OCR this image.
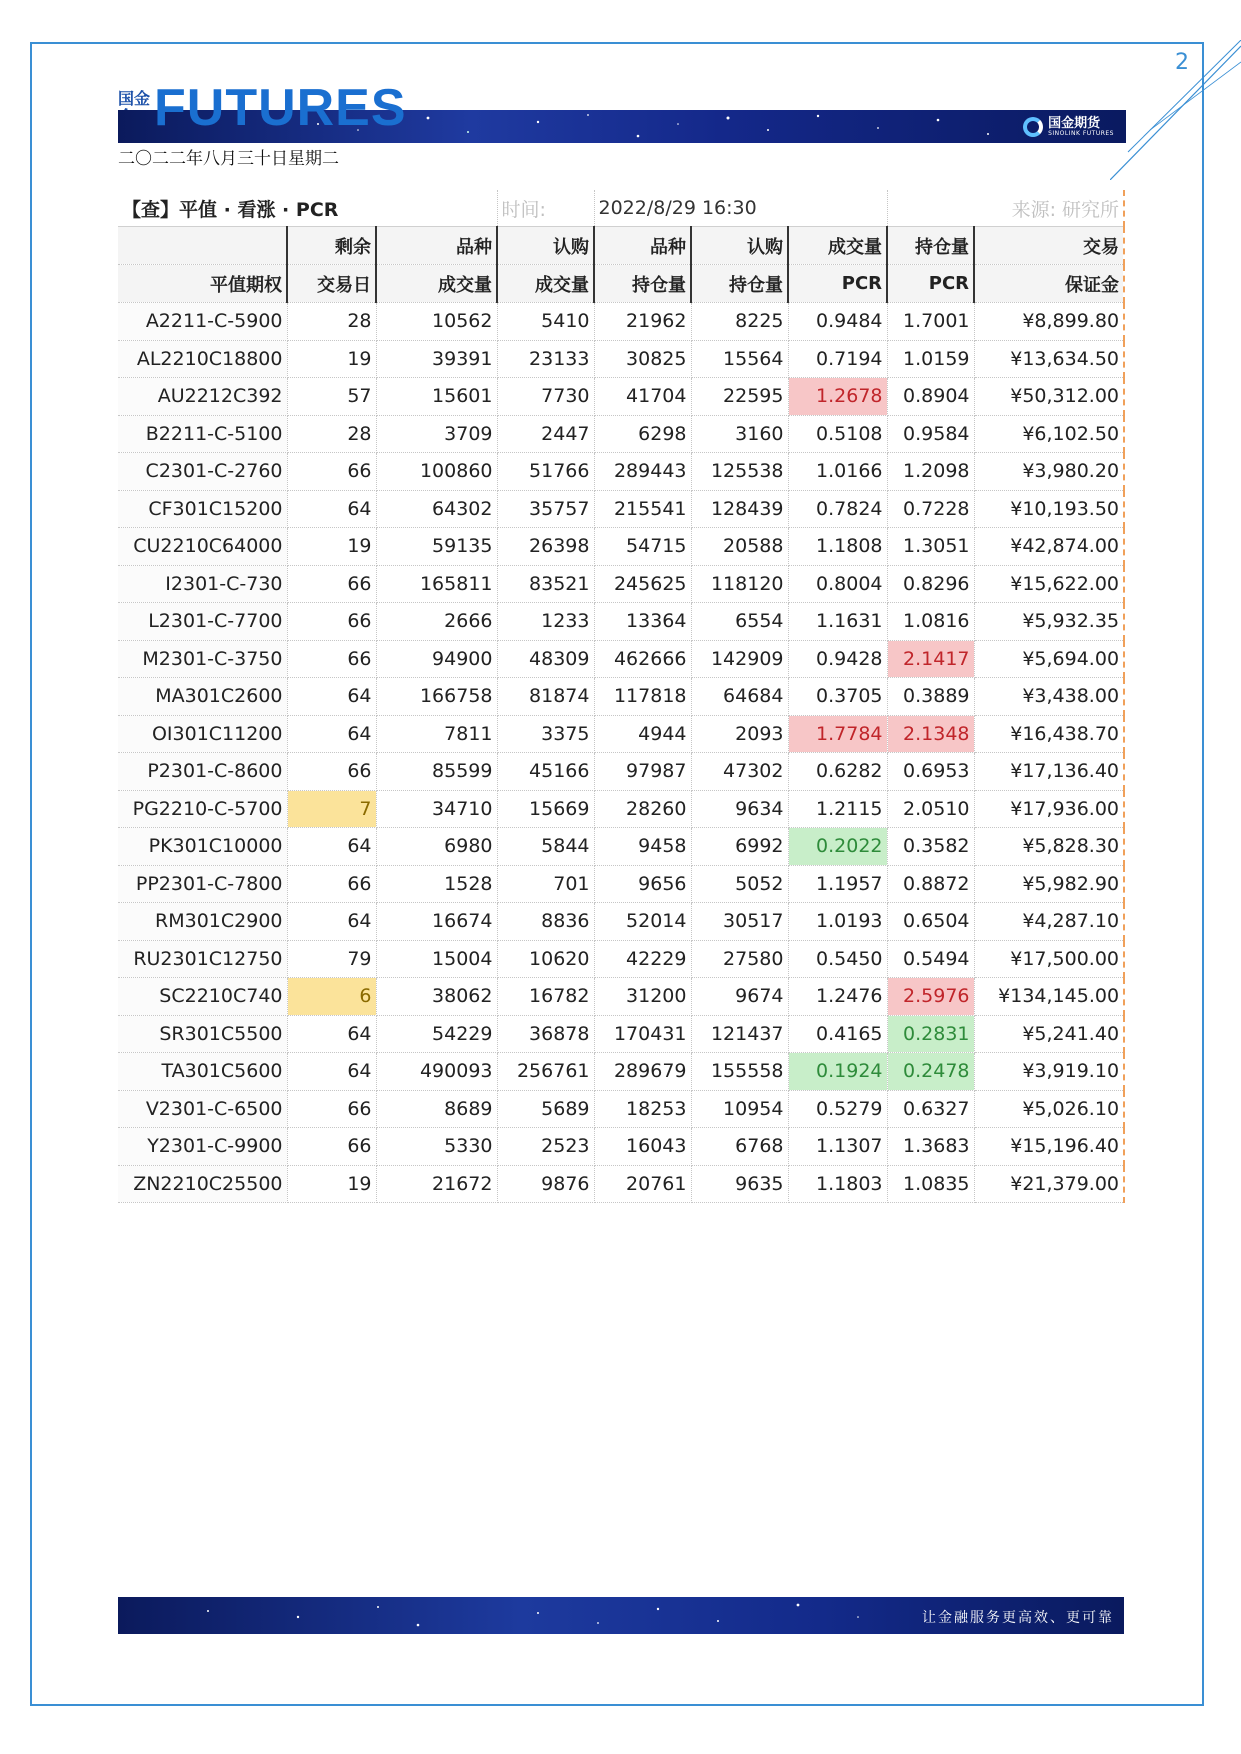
2
国金
国金期货
SINOLINK FUTURES
FUTURES
二〇二二年八月三十日星期二
【查】平值 · 看涨 · PCR			时间:	2022/8/29 16:30			来源: 研究所	
	剩余	品种	认购	品种	认购	成交量	持仓量	交易
平值期权	交易日	成交量	成交量	持仓量	持仓量	PCR	PCR	保证金
A2211-C-5900	28	10562	5410	21962	8225	0.9484	1.7001	¥8,899.80
AL2210C18800	19	39391	23133	30825	15564	0.7194	1.0159	¥13,634.50
AU2212C392	57	15601	7730	41704	22595	1.2678	0.8904	¥50,312.00
B2211-C-5100	28	3709	2447	6298	3160	0.5108	0.9584	¥6,102.50
C2301-C-2760	66	100860	51766	289443	125538	1.0166	1.2098	¥3,980.20
CF301C15200	64	64302	35757	215541	128439	0.7824	0.7228	¥10,193.50
CU2210C64000	19	59135	26398	54715	20588	1.1808	1.3051	¥42,874.00
I2301-C-730	66	165811	83521	245625	118120	0.8004	0.8296	¥15,622.00
L2301-C-7700	66	2666	1233	13364	6554	1.1631	1.0816	¥5,932.35
M2301-C-3750	66	94900	48309	462666	142909	0.9428	2.1417	¥5,694.00
MA301C2600	64	166758	81874	117818	64684	0.3705	0.3889	¥3,438.00
OI301C11200	64	7811	3375	4944	2093	1.7784	2.1348	¥16,438.70
P2301-C-8600	66	85599	45166	97987	47302	0.6282	0.6953	¥17,136.40
PG2210-C-5700	7	34710	15669	28260	9634	1.2115	2.0510	¥17,936.00
PK301C10000	64	6980	5844	9458	6992	0.2022	0.3582	¥5,828.30
PP2301-C-7800	66	1528	701	9656	5052	1.1957	0.8872	¥5,982.90
RM301C2900	64	16674	8836	52014	30517	1.0193	0.6504	¥4,287.10
RU2301C12750	79	15004	10620	42229	27580	0.5450	0.5494	¥17,500.00
SC2210C740	6	38062	16782	31200	9674	1.2476	2.5976	¥134,145.00
SR301C5500	64	54229	36878	170431	121437	0.4165	0.2831	¥5,241.40
TA301C5600	64	490093	256761	289679	155558	0.1924	0.2478	¥3,919.10
V2301-C-6500	66	8689	5689	18253	10954	0.5279	0.6327	¥5,026.10
Y2301-C-9900	66	5330	2523	16043	6768	1.1307	1.3683	¥15,196.40
ZN2210C25500	19	21672	9876	20761	9635	1.1803	1.0835	¥21,379.00
让金融服务更高效、更可靠
